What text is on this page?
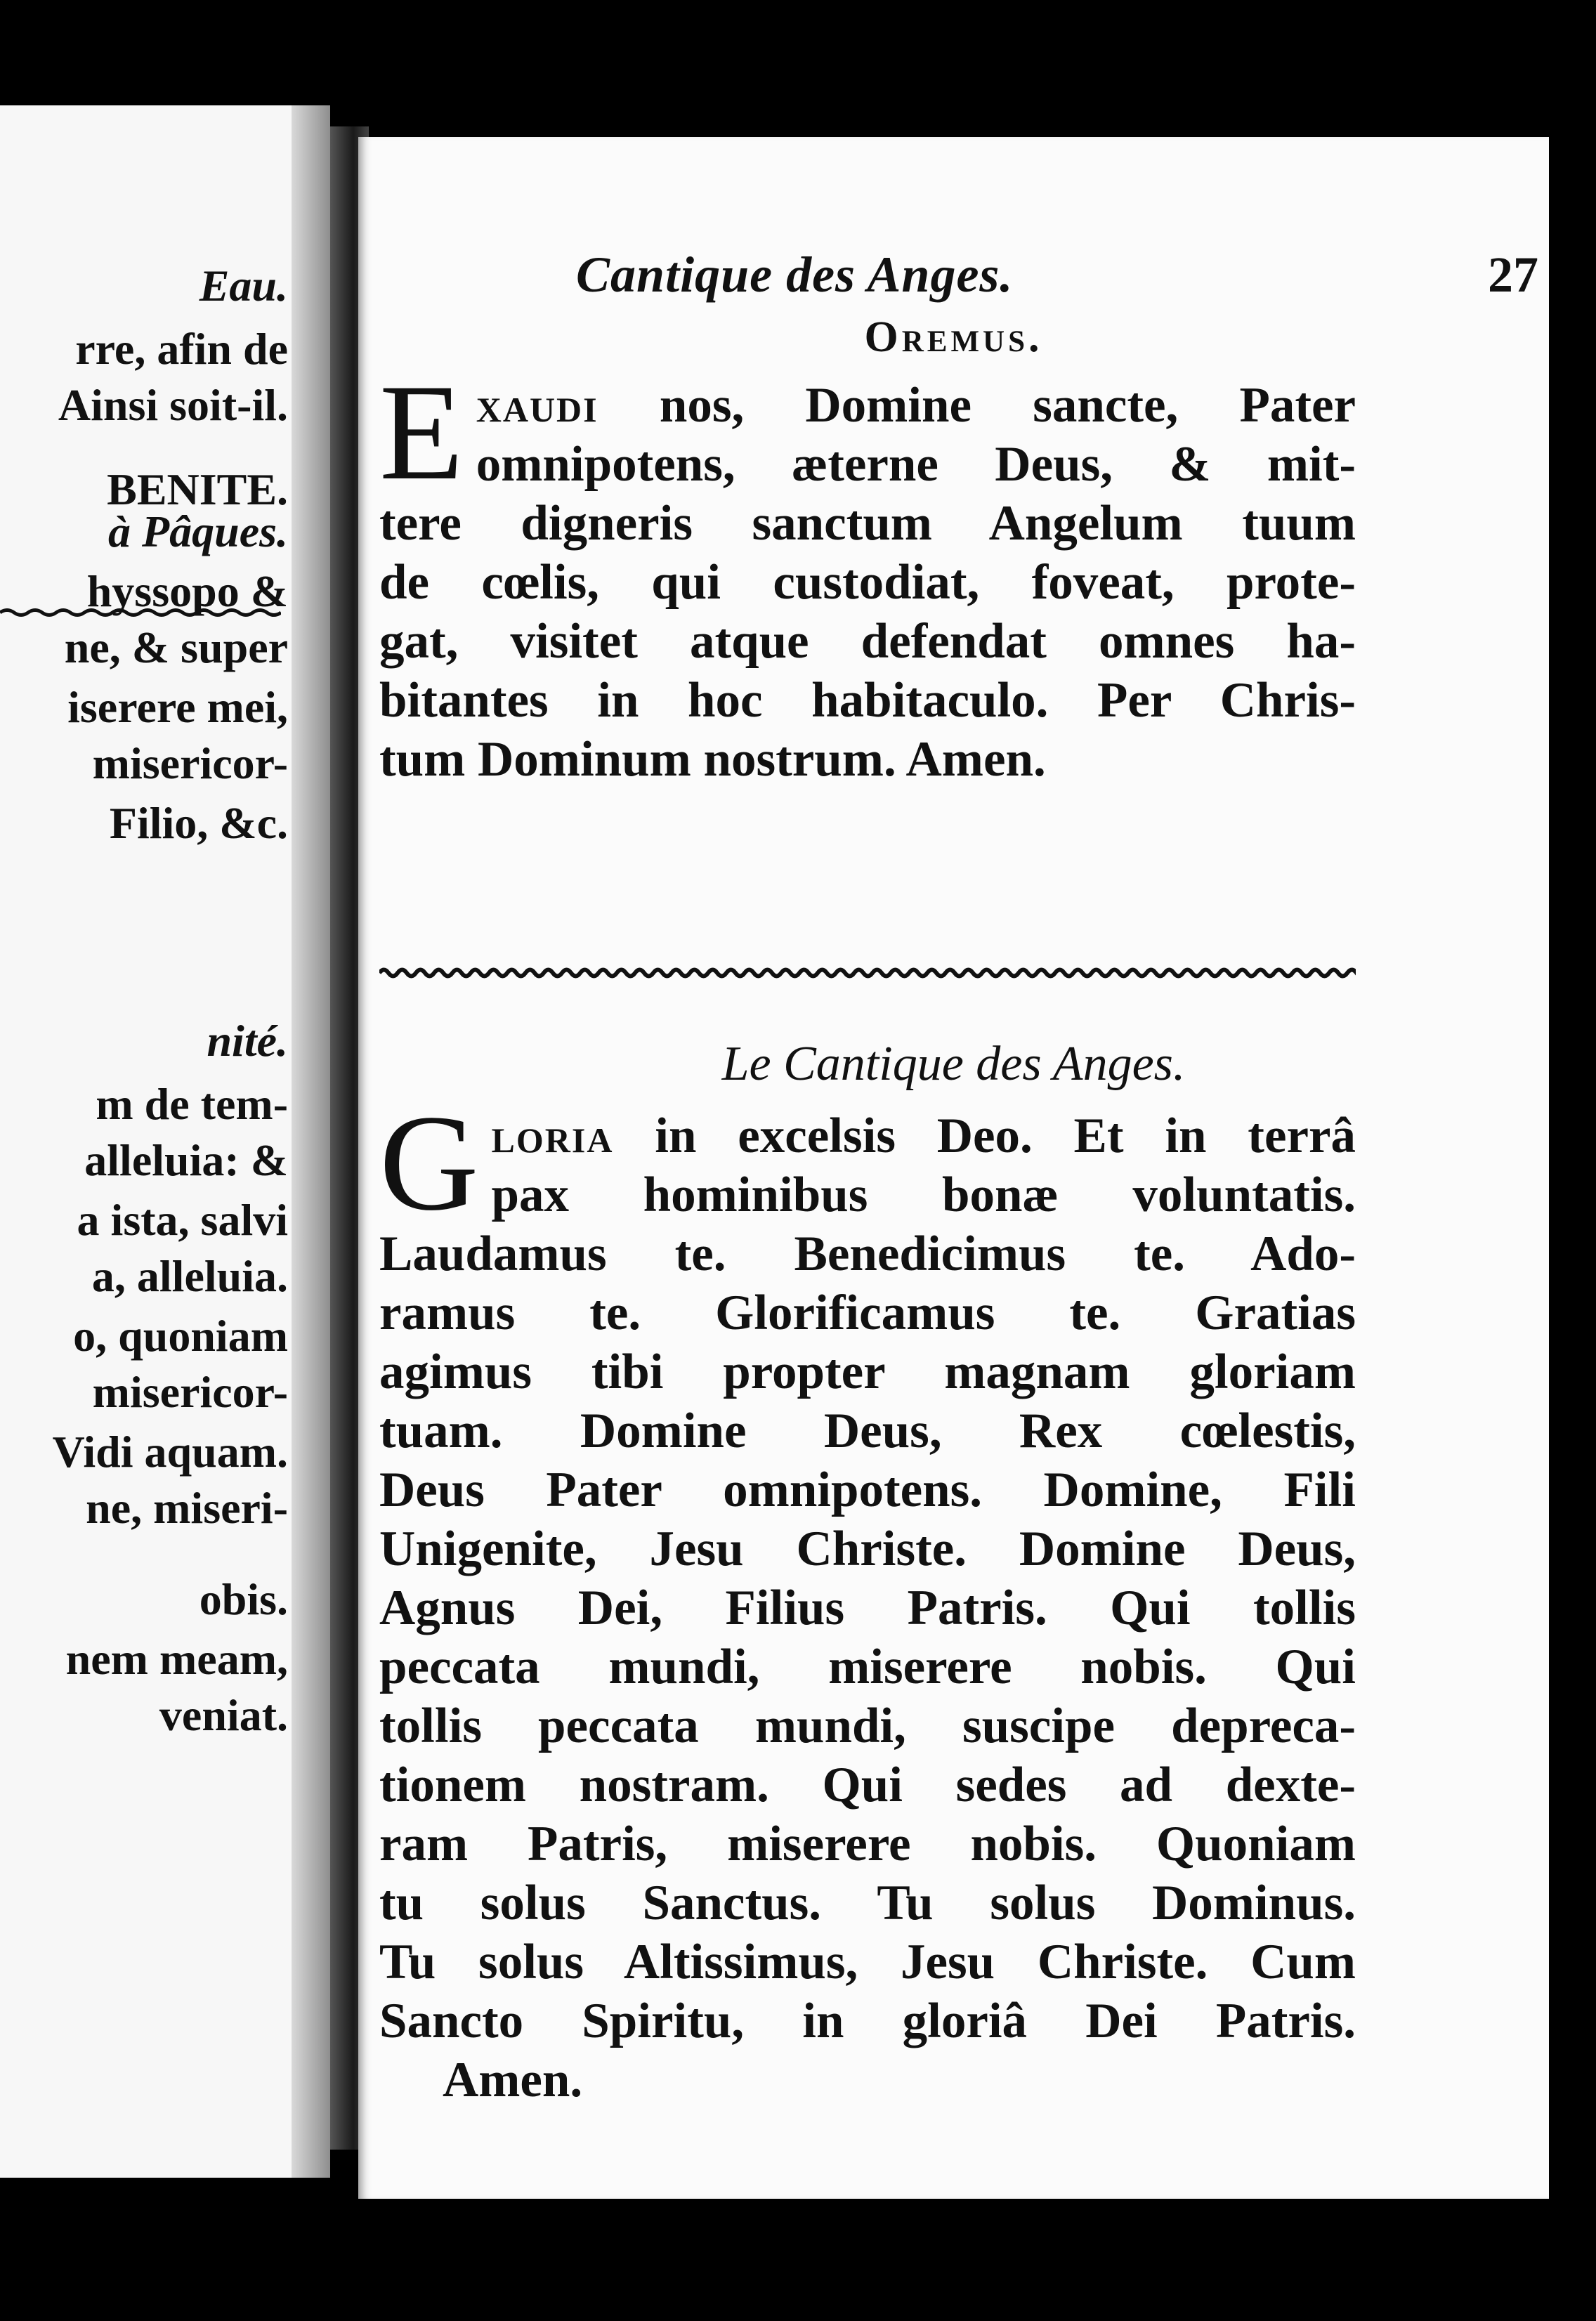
Eau.
rre, afin de
Ainsi soit-il.
BENITE.
à Pâques.
hyssopo &
ne, & super
iserere mei,
misericor-
Filio, &c.
nité.
m de tem-
alleluia: &
a ista, salvi
a, alleluia.
o, quoniam
misericor-
Vidi aquam.
ne, miseri-
obis.
nem meam,
veniat.
Cantique des Anges.	27
Oremus.
E xaudi nos, Domine sancte, Pater
omnipotens, æterne Deus, & mit-
tere digneris sanctum Angelum tuum
de cœlis, qui custodiat, foveat, prote-
gat, visitet atque defendat omnes ha-
bitantes in hoc habitaculo. Per Chris-
tum Dominum nostrum. Amen.
Le Cantique des Anges.
G loria in excelsis Deo. Et in terrâ
pax hominibus bonæ voluntatis.
Laudamus te. Benedicimus te. Ado-
ramus te. Glorificamus te. Gratias
agimus tibi propter magnam gloriam
tuam. Domine Deus, Rex cœlestis,
Deus Pater omnipotens. Domine, Fili
Unigenite, Jesu Christe. Domine Deus,
Agnus Dei, Filius Patris. Qui tollis
peccata mundi, miserere nobis. Qui
tollis peccata mundi, suscipe depreca-
tionem nostram. Qui sedes ad dexte-
ram Patris, miserere nobis. Quoniam
tu solus Sanctus. Tu solus Dominus.
Tu solus Altissimus, Jesu Christe. Cum
Sancto Spiritu, in gloriâ Dei Patris.
Amen.
